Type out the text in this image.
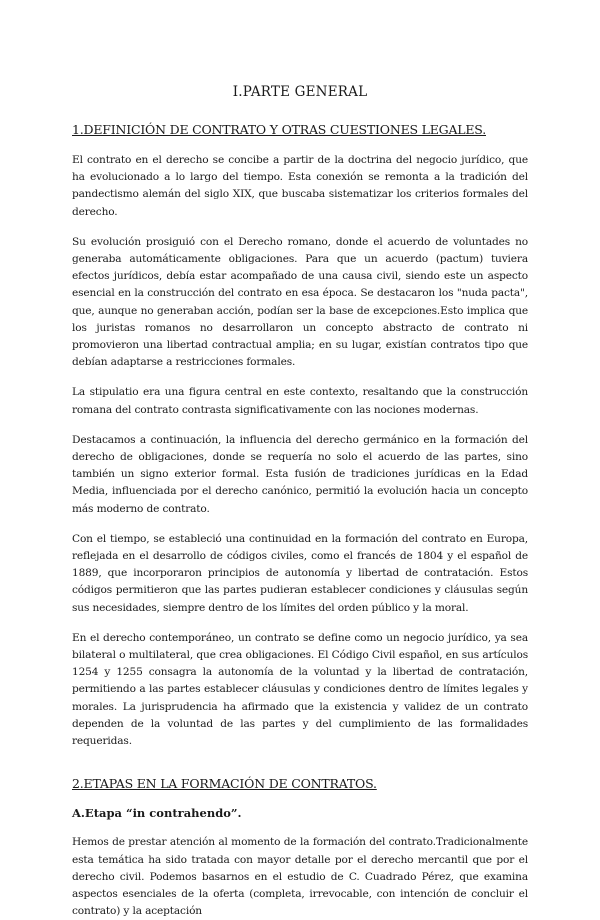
I.PARTE GENERAL
1.DEFINICIÓN DE CONTRATO Y OTRAS CUESTIONES LEGALES.

El contrato en el derecho se concibe a partir de la doctrina del negocio jurídico, que ha evolucionado a lo largo del tiempo. Esta conexión se remonta a la tradición del pandectismo alemán del siglo XIX, que buscaba sistematizar los criterios formales del derecho.

Su evolución prosiguió con el Derecho romano, donde el acuerdo de voluntades no generaba automáticamente obligaciones. Para que un acuerdo (pactum) tuviera efectos jurídicos, debía estar acompañado de una causa civil, siendo este un aspecto esencial en la construcción del contrato en esa época. Se destacaron los "nuda pacta", que, aunque no generaban acción, podían ser la base de excepciones.Esto implica que los juristas romanos no desarrollaron un concepto abstracto de contrato ni promovieron una libertad contractual amplia; en su lugar, existían contratos tipo que debían adaptarse a restricciones formales.

La stipulatio era una figura central en este contexto, resaltando que la construcción romana del contrato contrasta significativamente con las nociones modernas.

Destacamos a continuación, la influencia del derecho germánico en la formación del derecho de obligaciones, donde se requería no solo el acuerdo de las partes, sino también un signo exterior formal. Esta fusión de tradiciones jurídicas en la Edad Media, influenciada por el derecho canónico, permitió la evolución hacia un concepto más moderno de contrato.

Con el tiempo, se estableció una continuidad en la formación del contrato en Europa, reflejada en el desarrollo de códigos civiles, como el francés de 1804 y el español de 1889, que incorporaron principios de autonomía y libertad de contratación. Estos códigos permitieron que las partes pudieran establecer condiciones y cláusulas según sus necesidades, siempre dentro de los límites del orden público y la moral.

En el derecho contemporáneo, un contrato se define como un negocio jurídico, ya sea bilateral o multilateral, que crea obligaciones. El Código Civil español, en sus artículos 1254 y 1255 consagra la autonomía de la voluntad y la libertad de contratación, permitiendo a las partes establecer cláusulas y condiciones dentro de límites legales y morales. La jurisprudencia ha afirmado que la existencia y validez de un contrato dependen de la voluntad de las partes y del cumplimiento de las formalidades requeridas.

2.ETAPAS EN LA FORMACIÓN DE CONTRATOS.
A.Etapa “in contrahendo”.

Hemos de prestar atención al momento de la formación del contrato.Tradicionalmente esta temática ha sido tratada con mayor detalle por el derecho mercantil que por el derecho civil. Podemos basarnos en el estudio de C. Cuadrado Pérez, que examina aspectos esenciales de la oferta (completa, irrevocable, con intención de concluir el contrato) y la aceptación
